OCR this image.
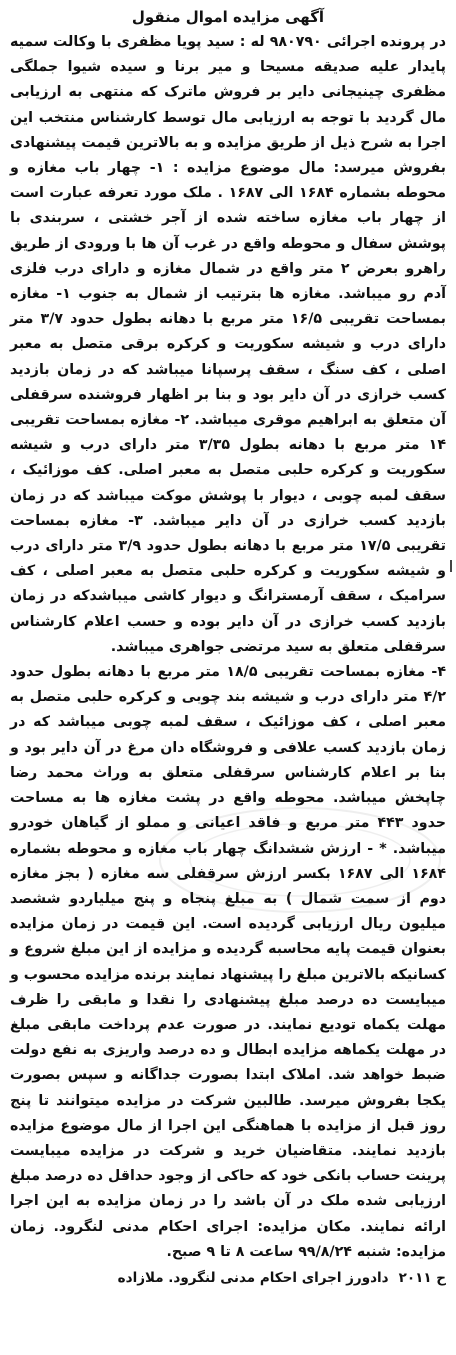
آگهی مزایده اموال منقول

در پرونده اجرائی ۹۸۰۷۹۰ له : سید پویا مظفری با وکالت سمیه پایدار علیه صدیقه مسیحا و میر برنا و سیده شیوا جملگی مظفری چینیجانی دایر بر فروش ماترک که منتهی به ارزیابی مال گردید با توجه به ارزیابی مال توسط کارشناس منتخب این اجرا به شرح ذیل از طریق مزایده و به بالاترین قیمت پیشنهادی بفروش میرسد: مال موضوع مزایده : ۱- چهار باب مغازه و محوطه بشماره ۱۶۸۴ الی ۱۶۸۷ . ملک مورد تعرفه عبارت است از چهار باب مغازه ساخته شده از آجر خشتی ، سربندی با پوشش سفال و محوطه واقع در غرب آن ها با ورودی از طریق راهرو بعرض ۲ متر واقع در شمال مغازه و دارای درب فلزی آدم رو میباشد. مغازه ها بترتیب از شمال به جنوب ۱- مغازه بمساحت تقریبی ۱۶/۵ متر مربع با دهانه بطول حدود ۳/۷ متر دارای درب و شیشه سکوریت و کرکره برقی متصل به معبر اصلی ، کف سنگ ، سقف پرسپانا میباشد که در زمان بازدید کسب خرازی در آن دایر بود و بنا بر اظهار فروشنده سرقفلی آن متعلق به ابراهیم موقری میباشد. ۲- مغازه بمساحت تقریبی ۱۴ متر مربع با دهانه بطول ۳/۳۵ متر دارای درب و شیشه سکوریت و کرکره حلبی متصل به معبر اصلی. کف موزائیک ، سقف لمبه چوبی ، دیوار با پوشش موکت میباشد که در زمان بازدید کسب خرازی در آن دایر میباشد. ۳- مغازه بمساحت تقریبی ۱۷/۵ متر مربع با دهانه بطول حدود ۳/۹ متر دارای درب و شیشه سکوریت و کرکره حلبی متصل به معبر اصلی ، کف سرامیک ، سقف آرمسترانگ و دیوار کاشی میباشدکه در زمان بازدید کسب خرازی در آن دایر بوده و حسب اعلام کارشناس سرقفلی متعلق به سید مرتضی جواهری میباشد.

۴- مغازه بمساحت تقریبی ۱۸/۵ متر مربع با دهانه بطول حدود ۴/۲ متر دارای درب و شیشه بند چوبی و کرکره حلبی متصل به معبر اصلی ، کف موزائیک ، سقف لمبه چوبی میباشد که در زمان بازدید کسب علافی و فروشگاه دان مرغ در آن دایر بود و بنا بر اعلام کارشناس سرقفلی متعلق به وراث محمد رضا چاپخش میباشد. محوطه واقع در پشت مغازه ها به مساحت حدود ۴۴۳ متر مربع و فاقد اعیانی و مملو از گیاهان خودرو میباشد. * - ارزش ششدانگ چهار باب مغازه و محوطه بشماره ۱۶۸۴ الی ۱۶۸۷ بکسر ارزش سرقفلی سه مغازه ( بجز مغازه دوم از سمت شمال ) به مبلغ پنجاه و پنج میلیاردو ششصد میلیون ریال ارزیابی گردیده است. این قیمت در زمان مزایده بعنوان قیمت پایه محاسبه گردیده و مزایده از این مبلغ شروع و کسانیکه بالاترین مبلغ را پیشنهاد نمایند برنده مزایده محسوب و میبایست ده درصد مبلغ پیشنهادی را نقدا و مابقی را ظرف مهلت یکماه تودیع نمایند. در صورت عدم پرداخت مابقی مبلغ در مهلت یکماهه مزایده ابطال و ده درصد واریزی به نفع دولت ضبط خواهد شد. املاک ابتدا بصورت جداگانه و سپس بصورت یکجا بفروش میرسد. طالبین شرکت در مزایده میتوانند تا پنج روز قبل از مزایده با هماهنگی این اجرا از مال موضوع مزایده بازدید نمایند. متقاضیان خرید و شرکت در مزایده میبایست پرینت حساب بانکی خود که حاکی از وجود حداقل ده درصد مبلغ ارزیابی شده ملک در آن باشد را در زمان مزایده به این اجرا ارائه نمایند. مکان مزایده: اجرای احکام مدنی لنگرود. زمان مزایده: شنبه ۹۹/۸/۲۴ ساعت ۸ تا ۹ صبح.

ح ۲۰۱۱
دادورز اجرای احکام مدنی لنگرود. ملازاده
